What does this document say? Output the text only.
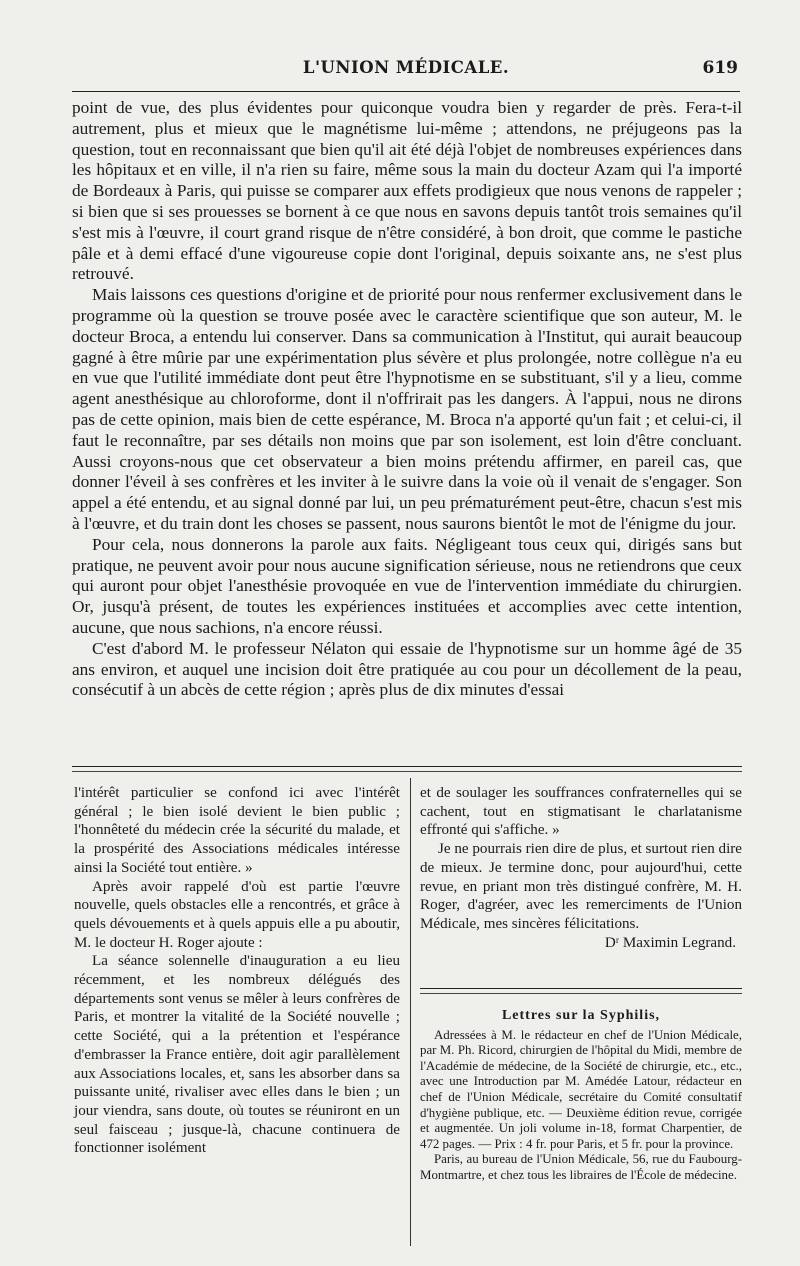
L'UNION MÉDICALE.	619

point de vue, des plus évidentes pour quiconque voudra bien y regarder de près. Fera-t-il autrement, plus et mieux que le magnétisme lui-même ; attendons, ne préjugeons pas la question, tout en reconnaissant que bien qu'il ait été déjà l'objet de nombreuses expériences dans les hôpitaux et en ville, il n'a rien su faire, même sous la main du docteur Azam qui l'a importé de Bordeaux à Paris, qui puisse se comparer aux effets prodigieux que nous venons de rappeler ; si bien que si ses prouesses se bornent à ce que nous en savons depuis tantôt trois semaines qu'il s'est mis à l'œuvre, il court grand risque de n'être considéré, à bon droit, que comme le pastiche pâle et à demi effacé d'une vigoureuse copie dont l'original, depuis soixante ans, ne s'est plus retrouvé.

Mais laissons ces questions d'origine et de priorité pour nous renfermer exclusivement dans le programme où la question se trouve posée avec le caractère scientifique que son auteur, M. le docteur Broca, a entendu lui conserver. Dans sa communication à l'Institut, qui aurait beaucoup gagné à être mûrie par une expérimentation plus sévère et plus prolongée, notre collègue n'a eu en vue que l'utilité immédiate dont peut être l'hypnotisme en se substituant, s'il y a lieu, comme agent anesthésique au chloroforme, dont il n'offrirait pas les dangers. À l'appui, nous ne dirons pas de cette opinion, mais bien de cette espérance, M. Broca n'a apporté qu'un fait ; et celui-ci, il faut le reconnaître, par ses détails non moins que par son isolement, est loin d'être concluant. Aussi croyons-nous que cet observateur a bien moins prétendu affirmer, en pareil cas, que donner l'éveil à ses confrères et les inviter à le suivre dans la voie où il venait de s'engager. Son appel a été entendu, et au signal donné par lui, un peu prématurément peut-être, chacun s'est mis à l'œuvre, et du train dont les choses se passent, nous saurons bientôt le mot de l'énigme du jour.

Pour cela, nous donnerons la parole aux faits. Négligeant tous ceux qui, dirigés sans but pratique, ne peuvent avoir pour nous aucune signification sérieuse, nous ne retiendrons que ceux qui auront pour objet l'anesthésie provoquée en vue de l'intervention immédiate du chirurgien. Or, jusqu'à présent, de toutes les expériences instituées et accomplies avec cette intention, aucune, que nous sachions, n'a encore réussi.

C'est d'abord M. le professeur Nélaton qui essaie de l'hypnotisme sur un homme âgé de 35 ans environ, et auquel une incision doit être pratiquée au cou pour un décollement de la peau, consécutif à un abcès de cette région ; après plus de dix minutes d'essai

l'intérêt particulier se confond ici avec l'intérêt général ; le bien isolé devient le bien public ; l'honnêteté du médecin crée la sécurité du malade, et la prospérité des Associations médicales intéresse ainsi la Société tout entière. »

Après avoir rappelé d'où est partie l'œuvre nouvelle, quels obstacles elle a rencontrés, et grâce à quels dévouements et à quels appuis elle a pu aboutir, M. le docteur H. Roger ajoute :

La séance solennelle d'inauguration a eu lieu récemment, et les nombreux délégués des départements sont venus se mêler à leurs confrères de Paris, et montrer la vitalité de la Société nouvelle ; cette Société, qui a la prétention et l'espérance d'embrasser la France entière, doit agir parallèlement aux Associations locales, et, sans les absorber dans sa puissante unité, rivaliser avec elles dans le bien ; un jour viendra, sans doute, où toutes se réuniront en un seul faisceau ; jusque-là, chacune continuera de fonctionner isolément

et de soulager les souffrances confraternelles qui se cachent, tout en stigmatisant le charlatanisme effronté qui s'affiche. »

Je ne pourrais rien dire de plus, et surtout rien dire de mieux. Je termine donc, pour aujourd'hui, cette revue, en priant mon très distingué confrère, M. H. Roger, d'agréer, avec les remerciments de l'Union Médicale, mes sincères félicitations.

Dʳ Maximin Legrand.

Lettres sur la Syphilis,

Adressées à M. le rédacteur en chef de l'Union Médicale, par M. Ph. Ricord, chirurgien de l'hôpital du Midi, membre de l'Académie de médecine, de la Société de chirurgie, etc., etc., avec une Introduction par M. Amédée Latour, rédacteur en chef de l'Union Médicale, secrétaire du Comité consultatif d'hygiène publique, etc. — Deuxième édition revue, corrigée et augmentée. Un joli volume in-18, format Charpentier, de 472 pages. — Prix : 4 fr. pour Paris, et 5 fr. pour la province.

Paris, au bureau de l'Union Médicale, 56, rue du Faubourg-Montmartre, et chez tous les libraires de l'École de médecine.
